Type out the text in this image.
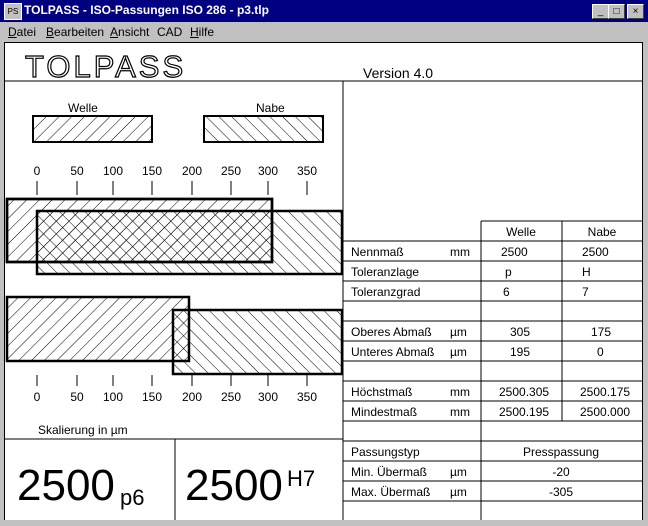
PS TOLPASS - ISO-Passungen ISO 286 - p3.tlp	_	□	×
Datei Bearbeiten Ansicht CAD Hilfe
TOLPASS	Version 4.0
Welle	Nabe
0 50 100 150 200 250 300 350
0 50 100 150 200 250 300 350
Skalierung in µm
2500 p6 2500 H7
Welle	Nabe
Nennmaß	mm	2500	2500
Toleranzlage	p	H
Toleranzgrad	6	7
Oberes Abmaß µm	305	175
Unteres Abmaß µm	195	0
Höchstmaß	mm 2500.305	2500.175
Mindestmaß	mm 2500.195	2500.000
Passungstyp	Presspassung
Min. Übermaß µm	-20
Max. Übermaß µm	-305
